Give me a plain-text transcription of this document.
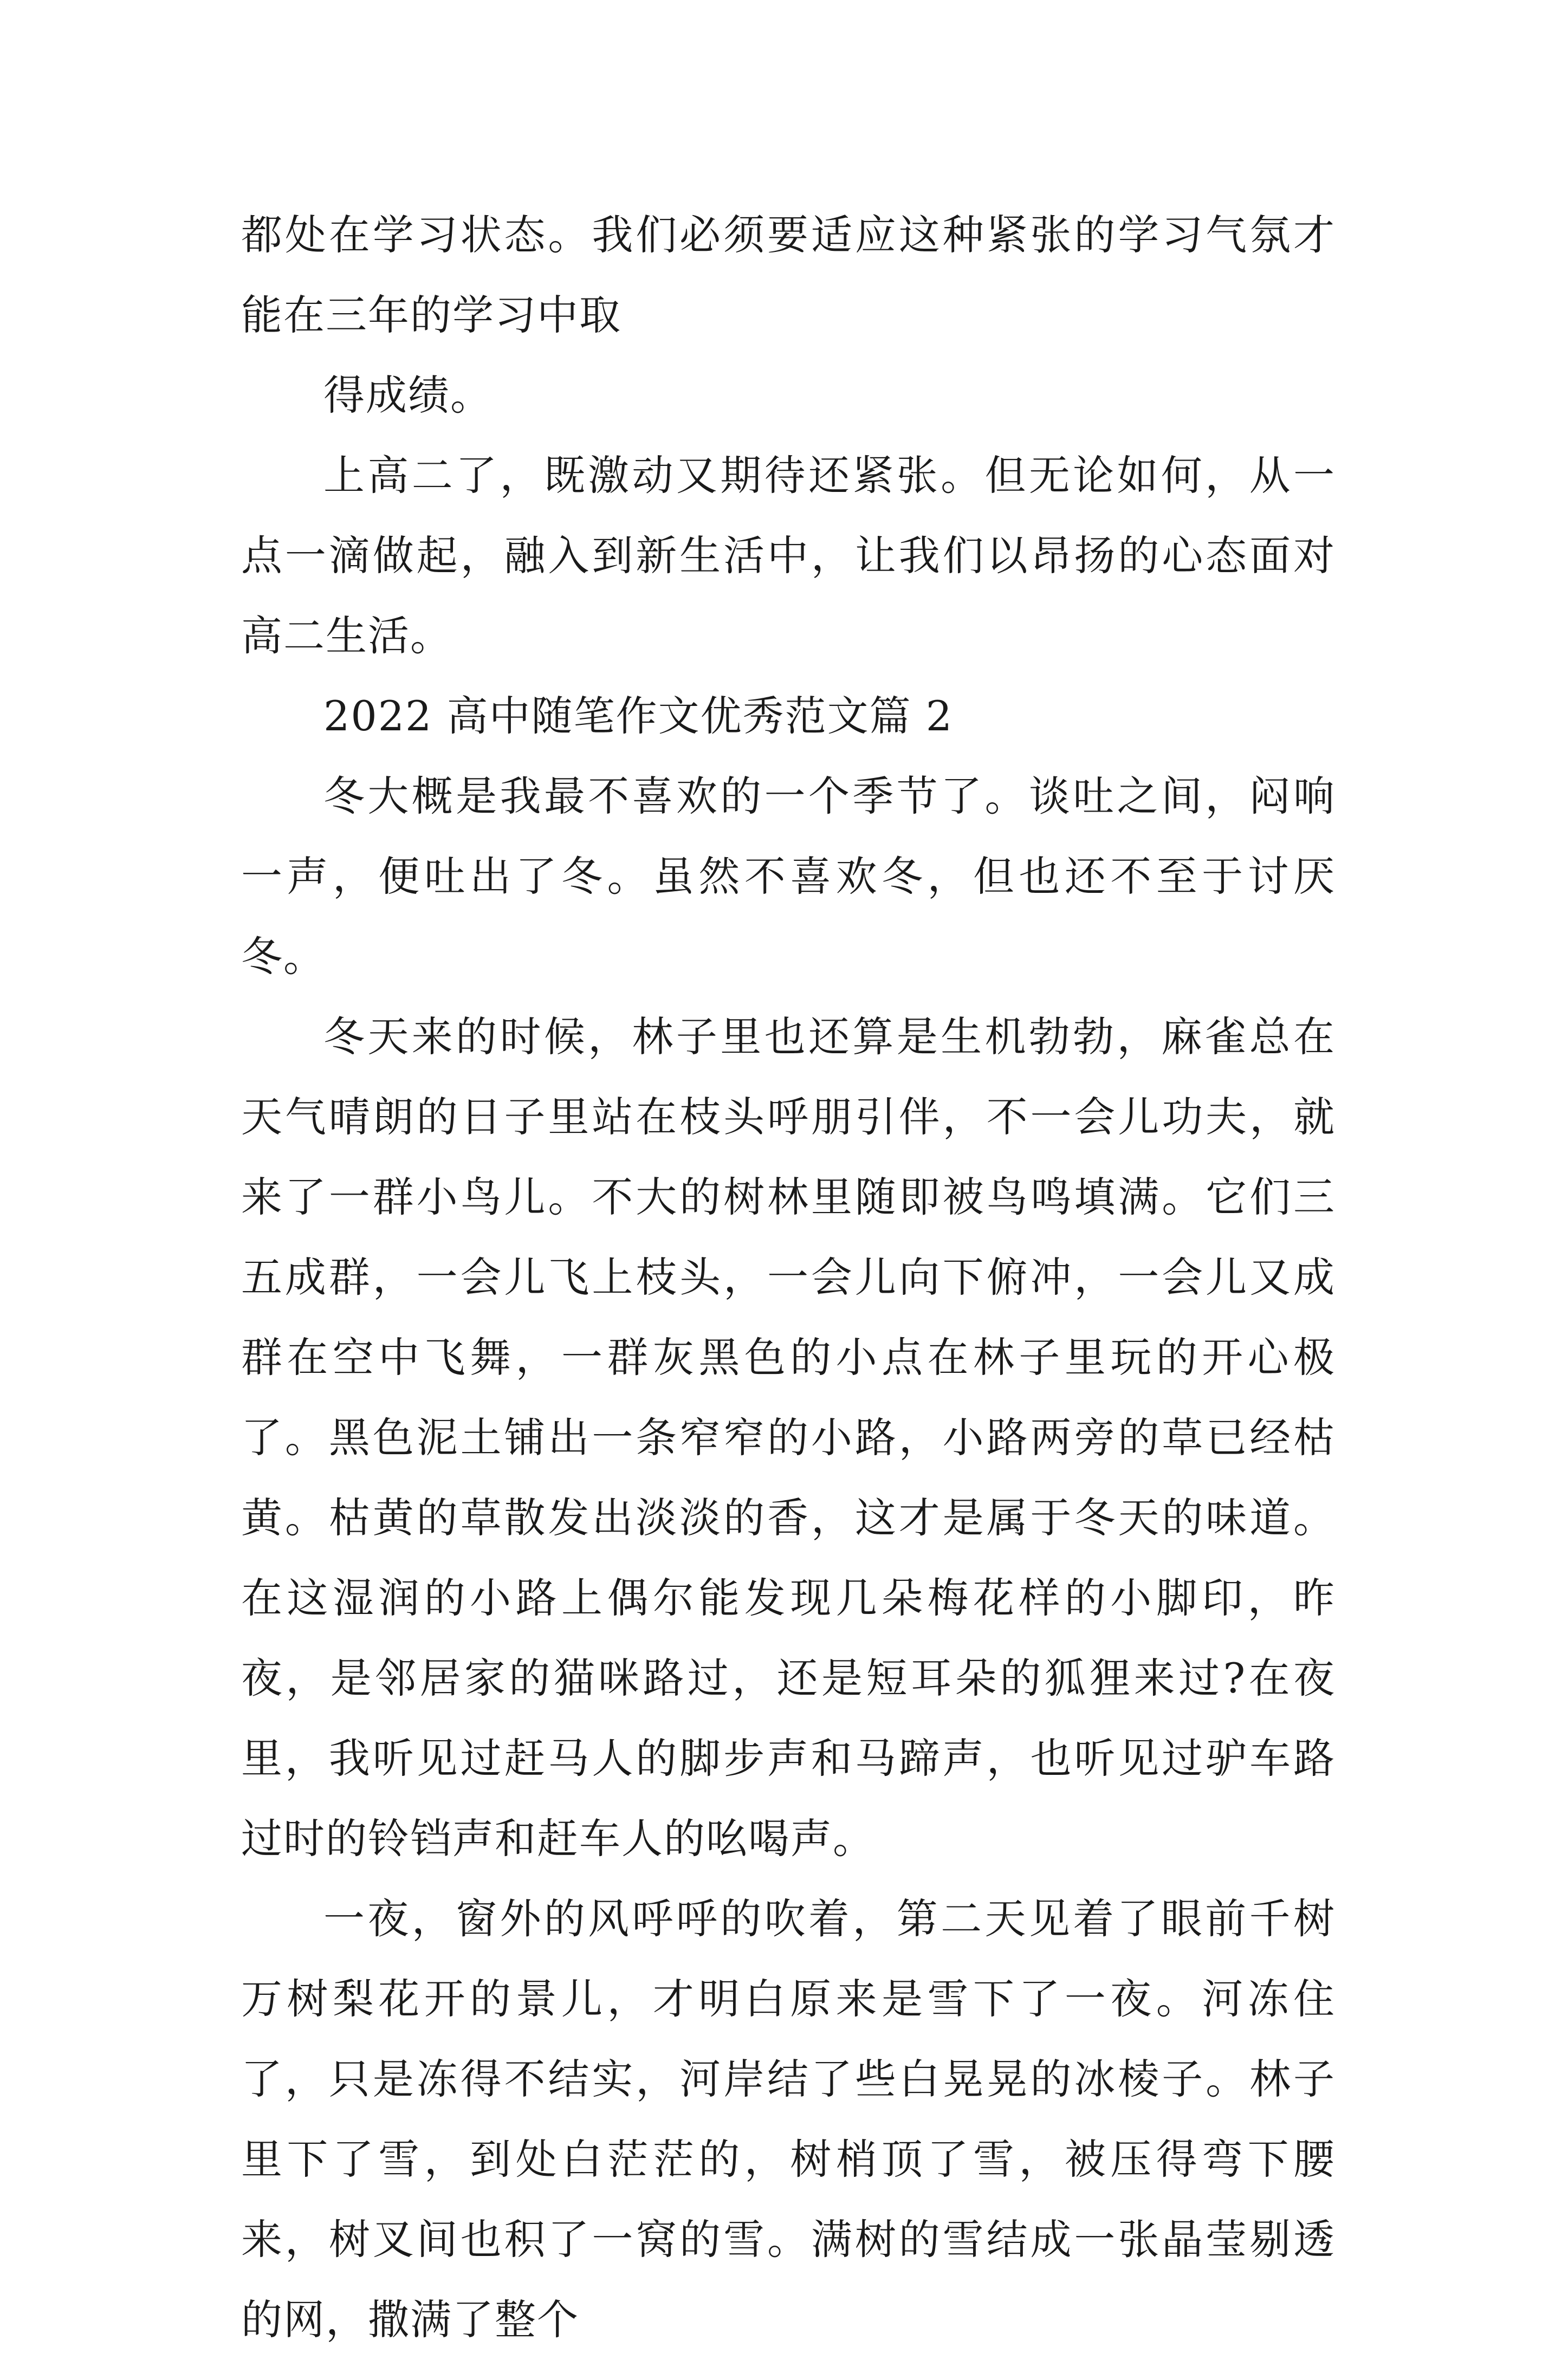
都处在学习状态。我们必须要适应这种紧张的学习气氛才能在三年的学习中取

得成绩。

上高二了，既激动又期待还紧张。但无论如何，从一点一滴做起，融入到新生活中，让我们以昂扬的心态面对高二生活。

2022 高中随笔作文优秀范文篇 2

冬大概是我最不喜欢的一个季节了。谈吐之间，闷响一声，便吐出了冬。虽然不喜欢冬，但也还不至于讨厌冬。

冬天来的时候，林子里也还算是生机勃勃，麻雀总在天气晴朗的日子里站在枝头呼朋引伴，不一会儿功夫，就来了一群小鸟儿。不大的树林里随即被鸟鸣填满。它们三五成群，一会儿飞上枝头，一会儿向下俯冲，一会儿又成群在空中飞舞，一群灰黑色的小点在林子里玩的开心极了。黑色泥土铺出一条窄窄的小路，小路两旁的草已经枯黄。枯黄的草散发出淡淡的香，这才是属于冬天的味道。在这湿润的小路上偶尔能发现几朵梅花样的小脚印，昨夜，是邻居家的猫咪路过，还是短耳朵的狐狸来过?在夜里，我听见过赶马人的脚步声和马蹄声，也听见过驴车路过时的铃铛声和赶车人的吆喝声。

一夜，窗外的风呼呼的吹着，第二天见着了眼前千树万树梨花开的景儿，才明白原来是雪下了一夜。河冻住了，只是冻得不结实，河岸结了些白晃晃的冰棱子。林子里下了雪，到处白茫茫的，树梢顶了雪，被压得弯下腰来，树叉间也积了一窝的雪。满树的雪结成一张晶莹剔透的网，撒满了整个
